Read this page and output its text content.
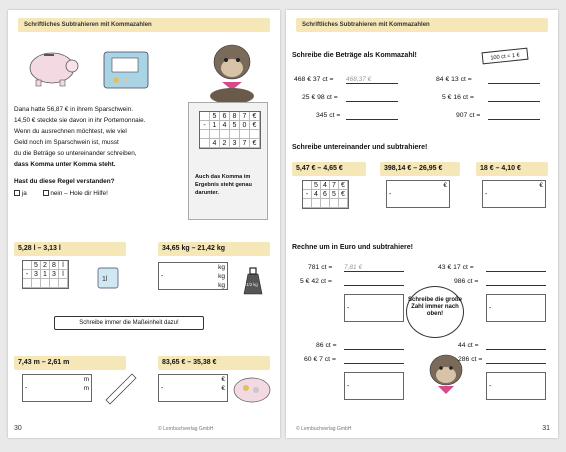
Schriftliches Subtrahieren mit Kommazahlen
Dana hatte 56,87 € in ihrem Sparschwein.
14,50 € steckte sie davon in ihr Portemonnaie.
Wenn du ausrechnen möchtest, wie viel
Geld noch im Sparschwein ist, musst
du die Beträge so untereinander schreiben,
dass Komma unter Komma steht.
5 6 8 7 €
- 1 4 5 0 €
4 2 3 7 €
Auch das Komma im Ergebnis steht genau darunter.
Hast du diese Regel verstanden?
ja	nein – Hole dir Hilfe!
5,28 l – 3,13 l
5 2 8 l
- 3 1 3 l
1l
34,65 kg – 21,42 kg
-
kg
kg
kg	21/2 kg
Schreibe immer die Maßeinheit dazu!
7,43 m – 2,61 m
-
m
m
83,65 € – 35,38 €
-
€
€
30	© Lernbuchverlag GmbH
Schriftliches Subtrahieren mit Kommazahlen
Schreibe die Beträge als Kommazahl!	100 ct = 1 €
468 € 37 ct = 468,37 €
25 € 98 ct =
345 ct =
84 € 13 ct =
5 € 16 ct =
907 ct =
Schreibe untereinander und subtrahiere!
5,47 € – 4,65 €
5 4 7 €
- 4 6 5 €
398,14 € – 26,95 €
-
€
18 € – 4,10 €
-
€
Rechne um in Euro und subtrahiere!
781 ct = 7,81 €
5 € 42 ct =
-
43 € 17 ct =
986 ct =
-
Schreibe die große Zahl immer nach oben!
86 ct =
60 € 7 ct =
-
44 ct =
286 ct =
-
31
© Lernbuchverlag GmbH
